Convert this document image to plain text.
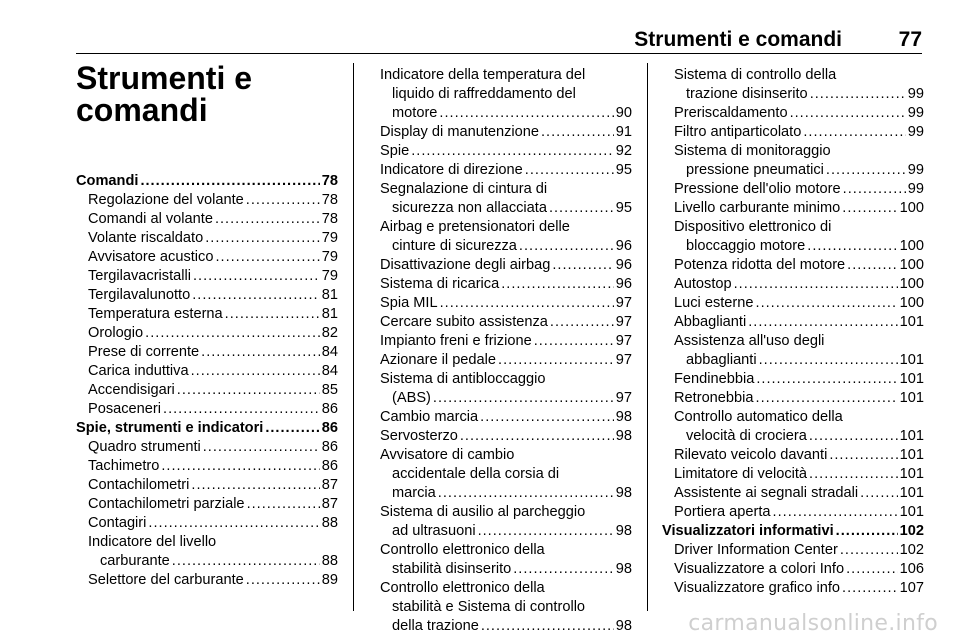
Strumenti e comandi	77
Strumenti e
comandi
Comandi .....	78
Regolazione del volante .....	78
Comandi al volante .....	78
Volante riscaldato .....	79
Avvisatore acustico .....	79
Tergilavacristalli .....	79
Tergilavalunotto .....	81
Temperatura esterna .....	81
Orologio .....	82
Prese di corrente .....	84
Carica induttiva .....	84
Accendisigari .....	85
Posaceneri .....	86
Spie, strumenti e indicatori .....	86
Quadro strumenti .....	86
Tachimetro .....	86
Contachilometri .....	87
Contachilometri parziale .....	87
Contagiri .....	88
Indicatore del livello
carburante .....	88
Selettore del carburante .....	89
Indicatore della temperatura del
liquido di raffreddamento del
motore .....	90
Display di manutenzione .....	91
Spie .....	92
Indicatore di direzione .....	95
Segnalazione di cintura di
sicurezza non allacciata .....	95
Airbag e pretensionatori delle
cinture di sicurezza .....	96
Disattivazione degli airbag .....	96
Sistema di ricarica .....	96
Spia MIL .....	97
Cercare subito assistenza .....	97
Impianto freni e frizione .....	97
Azionare il pedale .....	97
Sistema di antibloccaggio
(ABS) .....	97
Cambio marcia .....	98
Servosterzo .....	98
Avvisatore di cambio
accidentale della corsia di
marcia .....	98
Sistema di ausilio al parcheggio
ad ultrasuoni .....	98
Controllo elettronico della
stabilità disinserito .....	98
Controllo elettronico della
stabilità e Sistema di controllo
della trazione .....	98
Sistema di controllo della
trazione disinserito .....	99
Preriscaldamento .....	99
Filtro antiparticolato .....	99
Sistema di monitoraggio
pressione pneumatici .....	99
Pressione dell'olio motore .....	99
Livello carburante minimo .....	100
Dispositivo elettronico di
bloccaggio motore .....	100
Potenza ridotta del motore .....	100
Autostop .....	100
Luci esterne .....	100
Abbaglianti .....	101
Assistenza all'uso degli
abbaglianti .....	101
Fendinebbia .....	101
Retronebbia .....	101
Controllo automatico della
velocità di crociera .....	101
Rilevato veicolo davanti .....	101
Limitatore di velocità .....	101
Assistente ai segnali stradali .....	101
Portiera aperta .....	101
Visualizzatori informativi .....	102
Driver Information Center .....	102
Visualizzatore a colori Info .....	106
Visualizzatore grafico info .....	107
carmanualsonline.info
